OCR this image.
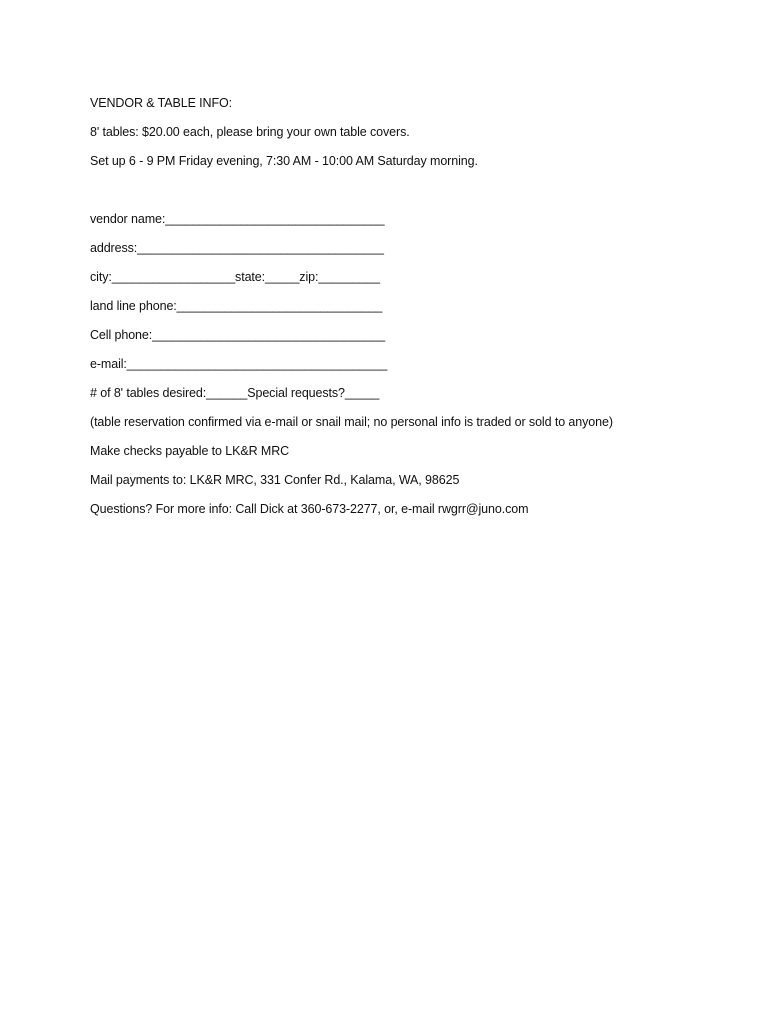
VENDOR & TABLE INFO:
8' tables: $20.00 each, please bring your own table covers.
Set up 6 - 9 PM Friday evening, 7:30 AM - 10:00 AM Saturday morning.
vendor name:________________________________
address:____________________________________
city:__________________state:_____zip:_________
land line phone:______________________________
Cell phone:__________________________________
e-mail:______________________________________
# of 8' tables desired:______Special requests?_____
(table reservation confirmed via e-mail or snail mail; no personal info is traded or sold to anyone)
Make checks payable to LK&R MRC
Mail payments to: LK&R MRC, 331 Confer Rd., Kalama, WA, 98625
Questions? For more info: Call Dick at 360-673-2277, or, e-mail rwgrr@juno.com
